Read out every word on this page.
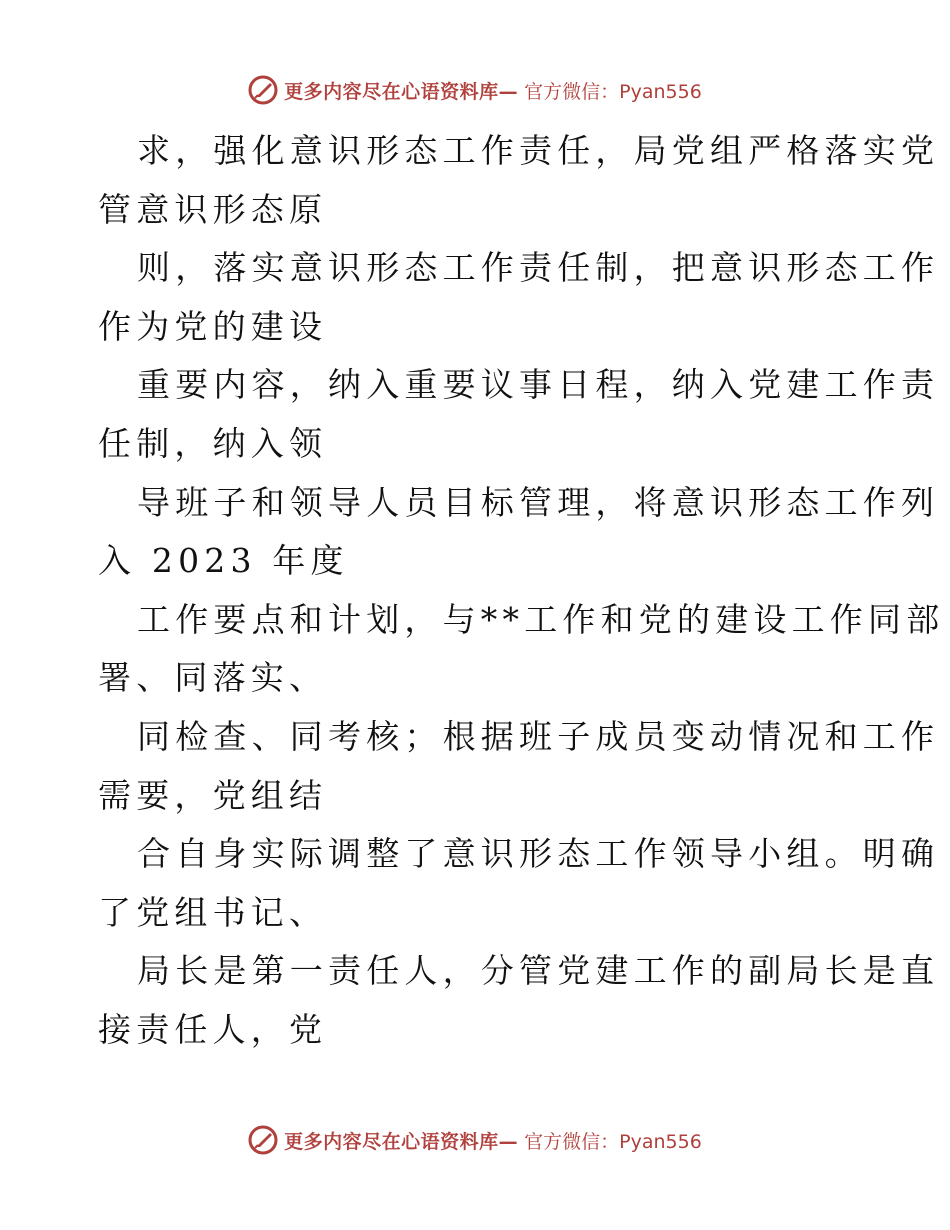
更多内容尽在心语资料库— 官方微信：Pyan556
求，强化意识形态工作责任，局党组严格落实党
管意识形态原
则，落实意识形态工作责任制，把意识形态工作
作为党的建设
重要内容，纳入重要议事日程，纳入党建工作责
任制，纳入领
导班子和领导人员目标管理，将意识形态工作列
入 2023 年度
工作要点和计划，与**工作和党的建设工作同部
署、同落实、
同检查、同考核；根据班子成员变动情况和工作
需要，党组结
合自身实际调整了意识形态工作领导小组。明确
了党组书记、
局长是第一责任人，分管党建工作的副局长是直
接责任人，党
更多内容尽在心语资料库— 官方微信：Pyan556
